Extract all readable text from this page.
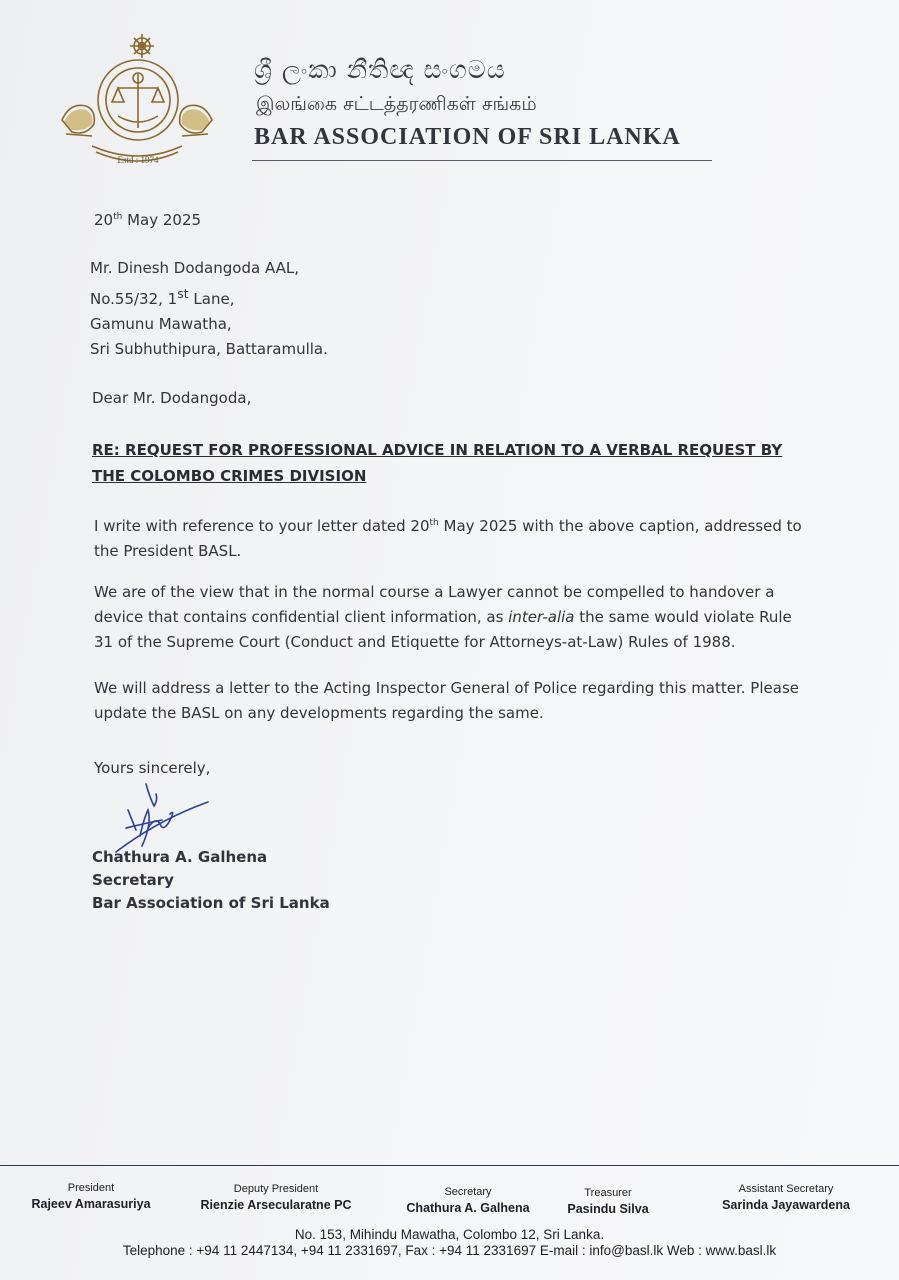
Estd : 1974
ශ්‍රී ලංකා නීතිඥ සංගමය
இலங்கை சட்டத்தரணிகள் சங்கம்
BAR ASSOCIATION OF SRI LANKA
20th May 2025
Mr. Dinesh Dodangoda AAL,
No.55/32, 1st Lane,
Gamunu Mawatha,
Sri Subhuthipura, Battaramulla.
Dear Mr. Dodangoda,
RE: REQUEST FOR PROFESSIONAL ADVICE IN RELATION TO A VERBAL REQUEST BY THE COLOMBO CRIMES DIVISION
I write with reference to your letter dated 20th May 2025 with the above caption, addressed to the President BASL.
We are of the view that in the normal course a Lawyer cannot be compelled to handover a device that contains confidential client information, as inter-alia the same would violate Rule 31 of the Supreme Court (Conduct and Etiquette for Attorneys-at-Law) Rules of 1988.
We will address a letter to the Acting Inspector General of Police regarding this matter. Please update the BASL on any developments regarding the same.
Yours sincerely,
Chathura A. Galhena
Secretary
Bar Association of Sri Lanka
President
Rajeev Amarasuriya
Deputy President
Rienzie Arsecularatne PC
Secretary
Chathura A. Galhena
Treasurer
Pasindu Silva
Assistant Secretary
Sarinda Jayawardena
No. 153, Mihindu Mawatha, Colombo 12, Sri Lanka.
Telephone : +94 11 2447134, +94 11 2331697, Fax : +94 11 2331697 E-mail : info@basl.lk Web : www.basl.lk
